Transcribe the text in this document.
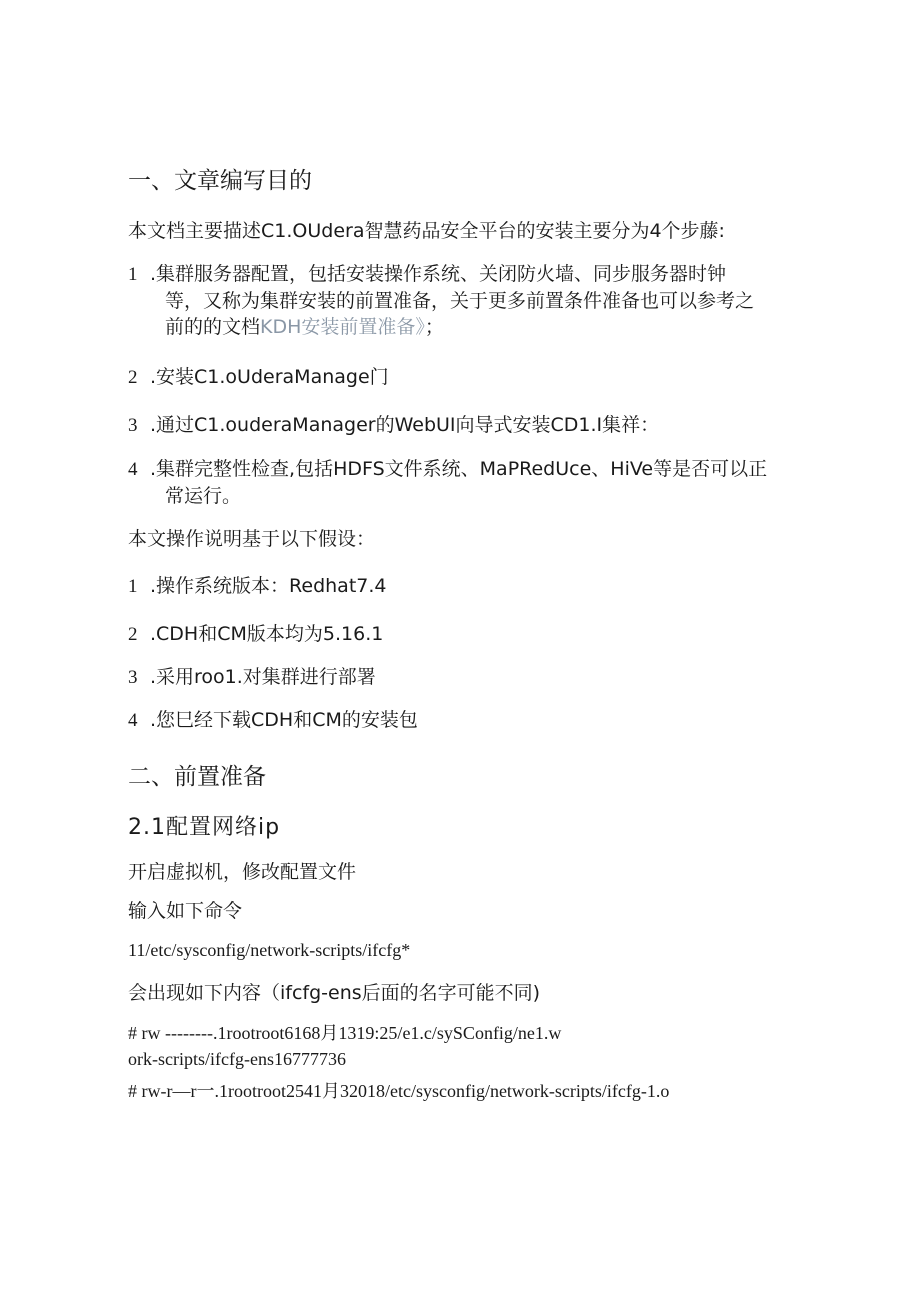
一、文章编写目的
本文档主要描述C1.OUdera智慧药品安全平台的安装主要分为4个步藤:
1 .集群服务器配置，包括安装操作系统、关闭防火墙、同步服务器时钟
等，又称为集群安装的前置准备，关于更多前置条件准备也可以参考之
前的的文档KDH安装前置准备》；
2 .安装C1.oUderaManage门
3 .通过C1.ouderaManager的WebUI向导式安装CD1.I集祥：
4 .集群完整性检查,包括HDFS文件系统、MaPRedUce、HiVe等是否可以正
常运行。
本文操作说明基于以下假设：
1 .操作系统版本：Redhat7.4
2 .CDH和CM版本均为5.16.1
3 .采用roo1.对集群进行部署
4 .您巳经下载CDH和CM的安装包
二、前置准备
2.1配置网络ip
开启虚拟机，修改配置文件
输入如下命令
11/etc/sysconfig/network-scripts/ifcfg*
会出现如下内容（ifcfg-ens后面的名字可能不同)
# rw --------.1rootroot6168月1319:25/e1.c/sySConfig/ne1.w
ork-scripts/ifcfg-ens16777736
# rw-r—r一.1rootroot2541月32018/etc/sysconfig/network-scripts/ifcfg-1.o
